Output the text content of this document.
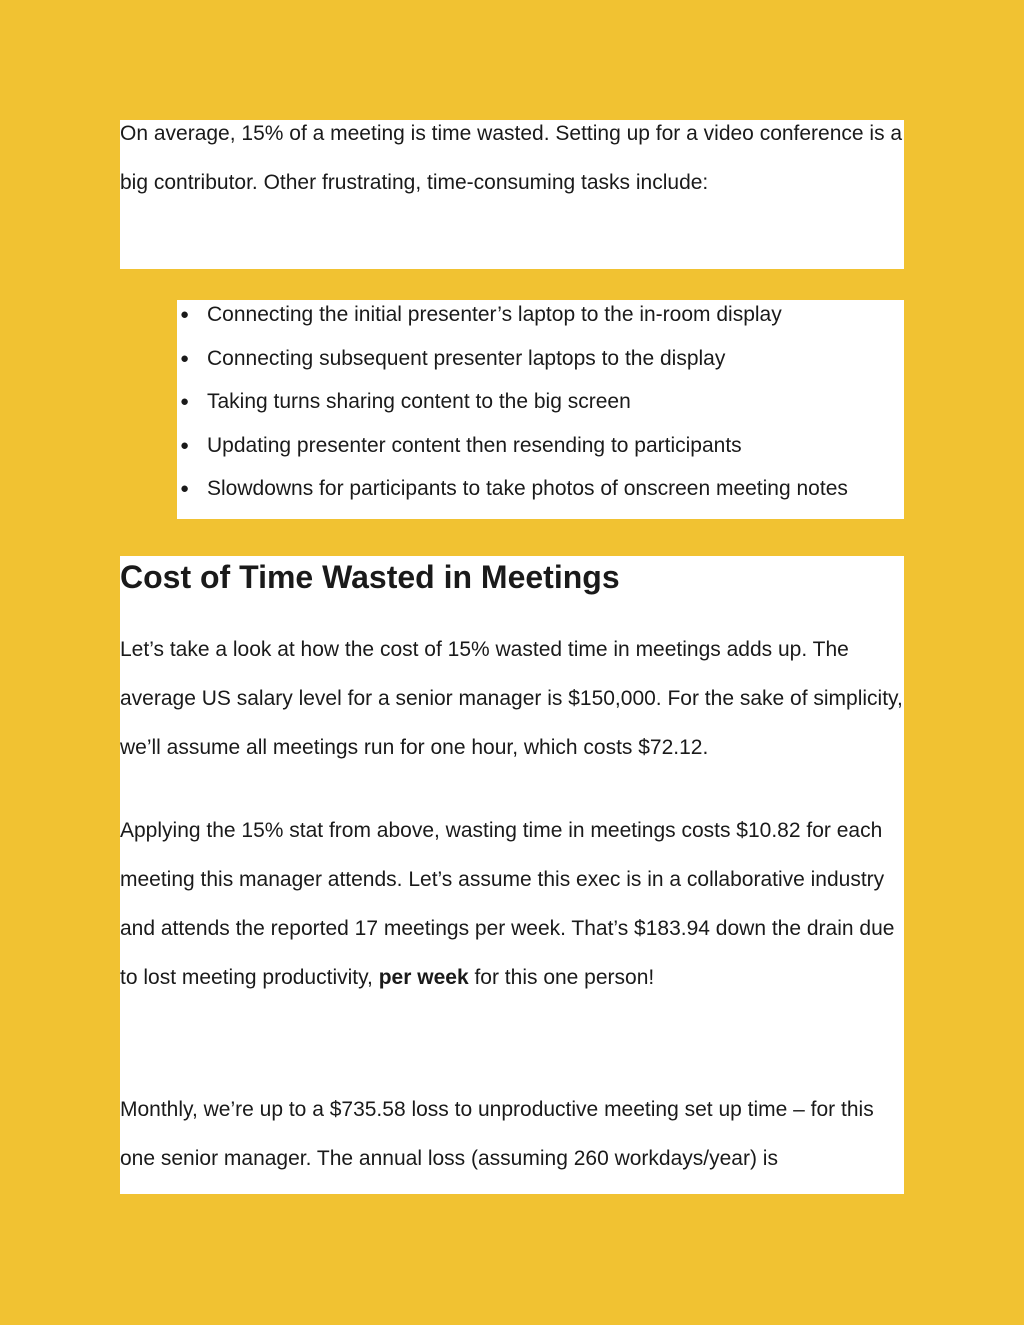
On average, 15% of a meeting is time wasted. Setting up for a video conference is a big contributor. Other frustrating, time-consuming tasks include:

● Connecting the initial presenter’s laptop to the in-room display
● Connecting subsequent presenter laptops to the display
● Taking turns sharing content to the big screen
● Updating presenter content then resending to participants
● Slowdowns for participants to take photos of onscreen meeting notes
Cost of Time Wasted in Meetings

Let’s take a look at how the cost of 15% wasted time in meetings adds up. The average US salary level for a senior manager is $150,000. For the sake of simplicity, we’ll assume all meetings run for one hour, which costs $72.12.

Applying the 15% stat from above, wasting time in meetings costs $10.82 for each meeting this manager attends. Let’s assume this exec is in a collaborative industry and attends the reported 17 meetings per week. That’s $183.94 down the drain due to lost meeting productivity, per week for this one person!

Monthly, we’re up to a $735.58 loss to unproductive meeting set up time – for this one senior manager. The annual loss (assuming 260 workdays/year) is
